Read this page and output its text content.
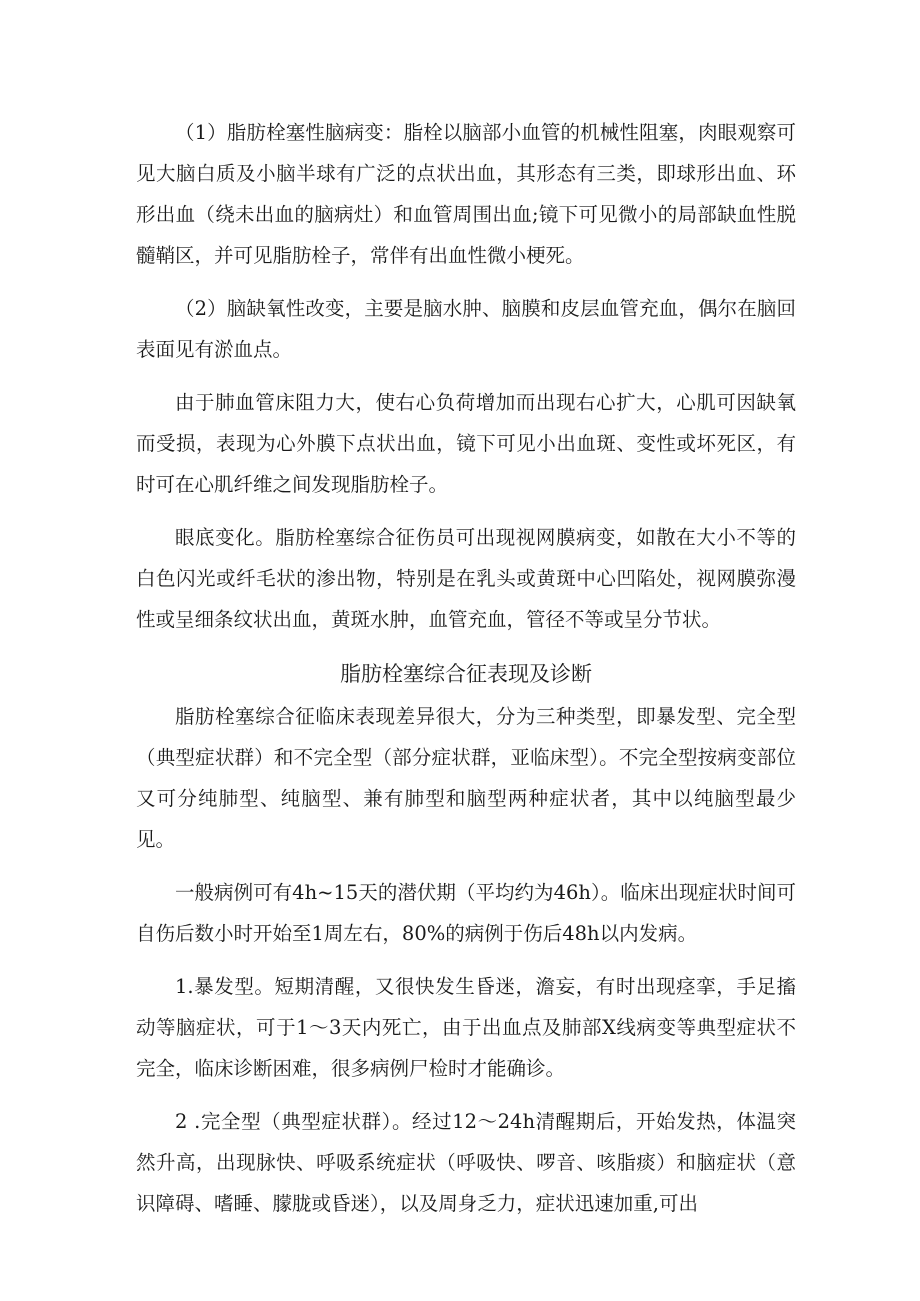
（1）脂肪栓塞性脑病变：脂栓以脑部小血管的机械性阻塞，肉眼观察可见大脑白质及小脑半球有广泛的点状出血，其形态有三类，即球形出血、环形出血（绕未出血的脑病灶）和血管周围出血;镜下可见微小的局部缺血性脱髓鞘区，并可见脂肪栓子，常伴有出血性微小梗死。

（2）脑缺氧性改变，主要是脑水肿、脑膜和皮层血管充血，偶尔在脑回表面见有淤血点。

由于肺血管床阻力大，使右心负荷增加而出现右心扩大，心肌可因缺氧而受损，表现为心外膜下点状出血，镜下可见小出血斑、变性或坏死区，有时可在心肌纤维之间发现脂肪栓子。

眼底变化。脂肪栓塞综合征伤员可出现视网膜病变，如散在大小不等的白色闪光或纤毛状的渗出物，特别是在乳头或黄斑中心凹陷处，视网膜弥漫性或呈细条纹状出血，黄斑水肿，血管充血，管径不等或呈分节状。

脂肪栓塞综合征表现及诊断

脂肪栓塞综合征临床表现差异很大，分为三种类型，即暴发型、完全型（典型症状群）和不完全型（部分症状群，亚临床型）。不完全型按病变部位又可分纯肺型、纯脑型、兼有肺型和脑型两种症状者，其中以纯脑型最少见。

一般病例可有4h~15天的潜伏期（平均约为46h）。临床出现症状时间可自伤后数小时开始至1周左右，80%的病例于伤后48h以内发病。

1.暴发型。短期清醒，又很快发生昏迷，澹妄，有时出现痉挛，手足搐动等脑症状，可于1～3天内死亡，由于出血点及肺部X线病变等典型症状不完全，临床诊断困难，很多病例尸检时才能确诊。

2 .完全型（典型症状群）。经过12～24h清醒期后，开始发热，体温突然升高，出现脉快、呼吸系统症状（呼吸快、啰音、咳脂痰）和脑症状（意识障碍、嗜睡、朦胧或昏迷），以及周身乏力，症状迅速加重,可出
